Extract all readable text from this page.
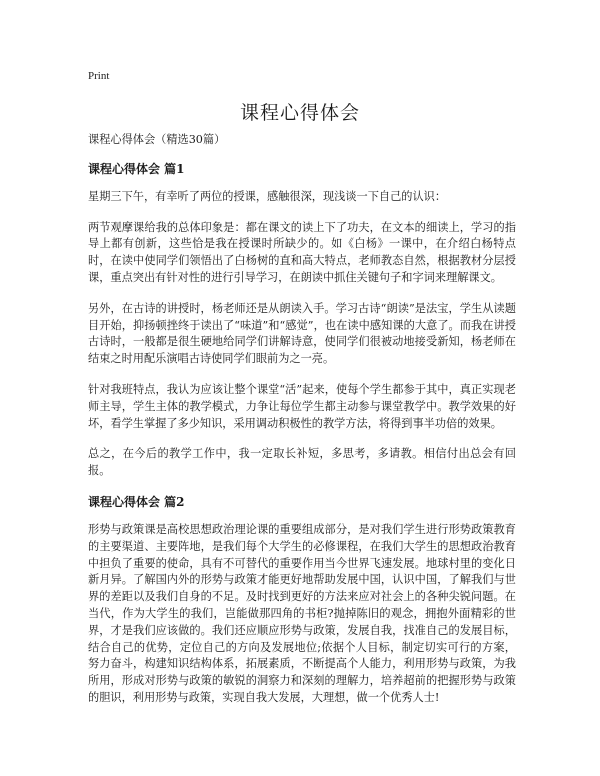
Print
课程心得体会

课程心得体会（精选30篇）

课程心得体会 篇1

星期三下午，有幸听了两位的授课，感触很深，现浅谈一下自己的认识：

两节观摩课给我的总体印象是：都在课文的读上下了功夫，在文本的细读上，学习的指导上都有创新，这些恰是我在授课时所缺少的。如《白杨》一课中，在介绍白杨特点时，在读中使同学们领悟出了白杨树的直和高大特点，老师教态自然，根据教材分层授课，重点突出有针对性的进行引导学习，在朗读中抓住关键句子和字词来理解课文。

另外，在古诗的讲授时，杨老师还是从朗读入手。学习古诗“朗读”是法宝，学生从读题目开始，抑扬顿挫终于读出了“味道”和“感觉”，也在读中感知课的大意了。而我在讲授古诗时，一般都是很生硬地给同学们讲解诗意，使同学们很被动地接受新知，杨老师在结束之时用配乐演唱古诗使同学们眼前为之一亮。

针对我班特点，我认为应该让整个课堂“活”起来，使每个学生都参于其中，真正实现老师主导，学生主体的教学模式，力争让每位学生都主动参与课堂教学中。教学效果的好坏，看学生掌握了多少知识，采用调动积极性的教学方法，将得到事半功倍的效果。

总之，在今后的教学工作中，我一定取长补短，多思考，多请教。相信付出总会有回报。

课程心得体会 篇2

形势与政策课是高校思想政治理论课的重要组成部分，是对我们学生进行形势政策教育的主要渠道、主要阵地，是我们每个大学生的必修课程，在我们大学生的思想政治教育中担负了重要的使命，具有不可替代的重要作用当今世界飞速发展。地球村里的变化日新月异。了解国内外的形势与政策才能更好地帮助发展中国，认识中国，了解我们与世界的差距以及我们自身的不足。及时找到更好的方法来应对社会上的各种尖锐问题。在当代，作为大学生的我们，岂能做那四角的书柜?抛掉陈旧的观念，拥抱外面精彩的世界，才是我们应该做的。我们还应顺应形势与政策，发展自我，找准自己的发展目标，结合自己的优势，定位自己的方向及发展地位;依据个人目标，制定切实可行的方案，努力奋斗，构建知识结构体系，拓展素质，不断提高个人能力，利用形势与政策，为我所用，形成对形势与政策的敏锐的洞察力和深刻的理解力，培养超前的把握形势与政策的胆识，利用形势与政策，实现自我大发展，大理想，做一个优秀人士!
